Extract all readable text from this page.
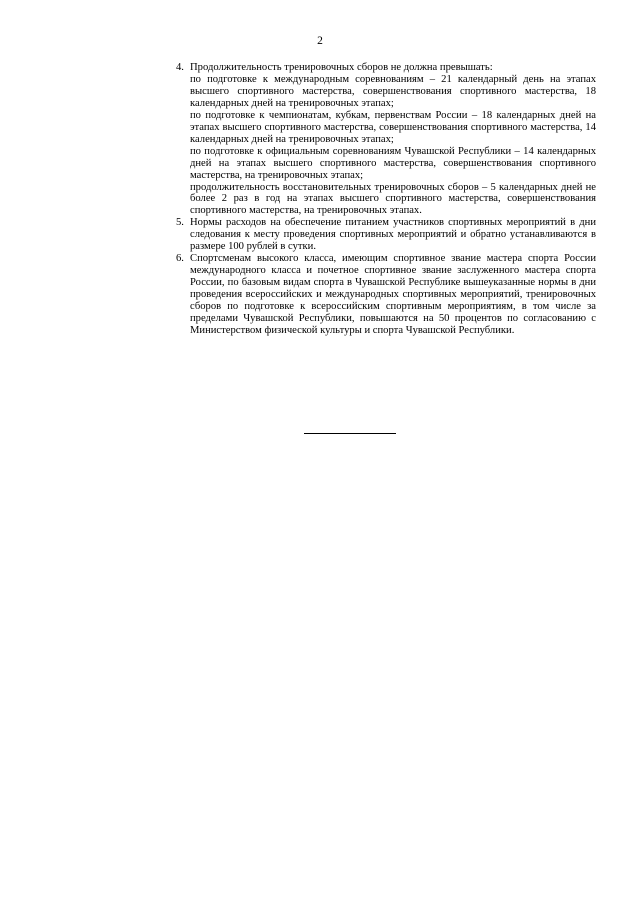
2
4. Продолжительность тренировочных сборов не должна превышать:
по подготовке к международным соревнованиям – 21 календарный день на этапах высшего спортивного мастерства, совершенствования спортивного мастерства, 18 календарных дней на тренировочных этапах;
по подготовке к чемпионатам, кубкам, первенствам России – 18 календарных дней на этапах высшего спортивного мастерства, совершенствования спортивного мастерства, 14 календарных дней на тренировочных этапах;
по подготовке к официальным соревнованиям Чувашской Республики – 14 календарных дней на этапах высшего спортивного мастерства, совершенствования спортивного мастерства, на тренировочных этапах;
продолжительность восстановительных тренировочных сборов – 5 календарных дней не более 2 раз в год на этапах высшего спортивного мастерства, совершенствования спортивного мастерства, на тренировочных этапах.
5. Нормы расходов на обеспечение питанием участников спортивных мероприятий в дни следования к месту проведения спортивных мероприятий и обратно устанавливаются в размере 100 рублей в сутки.
6. Спортсменам высокого класса, имеющим спортивное звание мастера спорта России международного класса и почетное спортивное звание заслуженного мастера спорта России, по базовым видам спорта в Чувашской Республике вышеуказанные нормы в дни проведения всероссийских и международных спортивных мероприятий, тренировочных сборов по подготовке к всероссийским спортивным мероприятиям, в том числе за пределами Чувашской Республики, повышаются на 50 процентов по согласованию с Министерством физической культуры и спорта Чувашской Республики.
